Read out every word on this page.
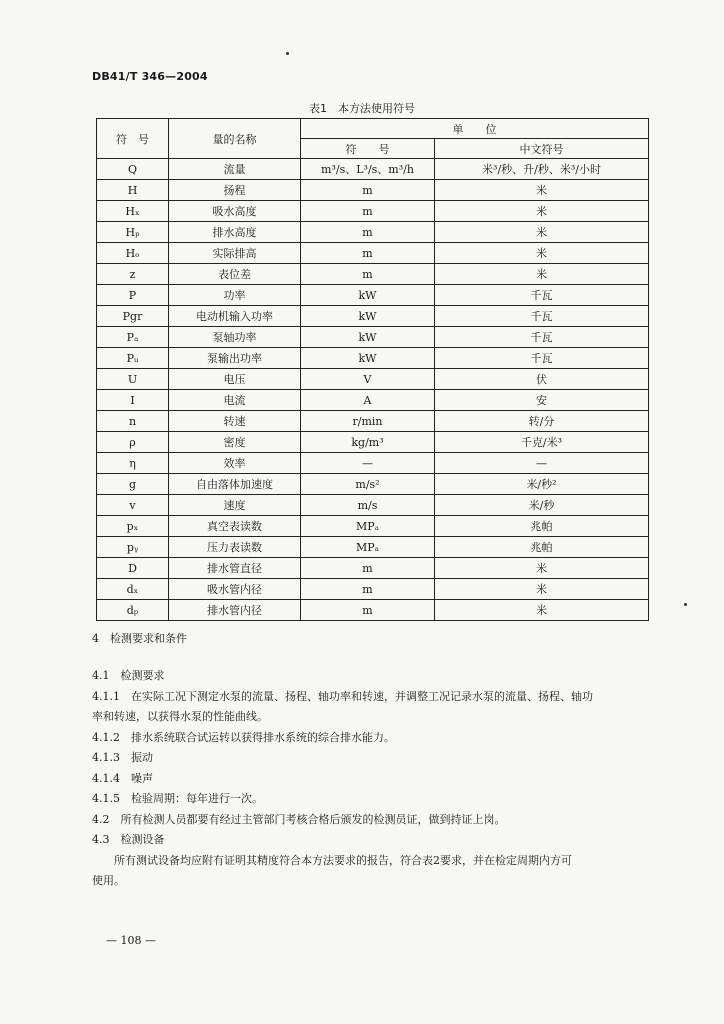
DB41/T 346—2004
表1　本方法使用符号
符　号	量的名称	单　　位	
		符　　号	中文符号
Q	流量	m³/s、L³/s、m³/h	米³/秒、升/秒、米³/小时
H	扬程	m	米
Hₓ	吸水高度	m	米
Hₚ	排水高度	m	米
Hₒ	实际排高	m	米
z	表位差	m	米
P	功率	kW	千瓦
Pgr	电动机输入功率	kW	千瓦
Pₐ	泵轴功率	kW	千瓦
Pᵤ	泵输出功率	kW	千瓦
U	电压	V	伏
I	电流	A	安
n	转速	r/min	转/分
ρ	密度	kg/m³	千克/米³
η	效率	—	—
g	自由落体加速度	m/s²	米/秒²
v	速度	m/s	米/秒
pₓ	真空表读数	MPₐ	兆帕
pᵧ	压力表读数	MPₐ	兆帕
D	排水管直径	m	米
dₓ	吸水管内径	m	米
dₚ	排水管内径	m	米
4　检测要求和条件

4.1　检测要求

4.1.1　在实际工况下测定水泵的流量、扬程、轴功率和转速，并调整工况记录水泵的流量、扬程、轴功

率和转速，以获得水泵的性能曲线。

4.1.2　排水系统联合试运转以获得排水系统的综合排水能力。

4.1.3　振动

4.1.4　噪声

4.1.5　检验周期：每年进行一次。

4.2　所有检测人员都要有经过主管部门考核合格后颁发的检测员证，做到持证上岗。

4.3　检测设备

所有测试设备均应附有证明其精度符合本方法要求的报告，符合表2要求，并在检定周期内方可

使用。

— 108 —
